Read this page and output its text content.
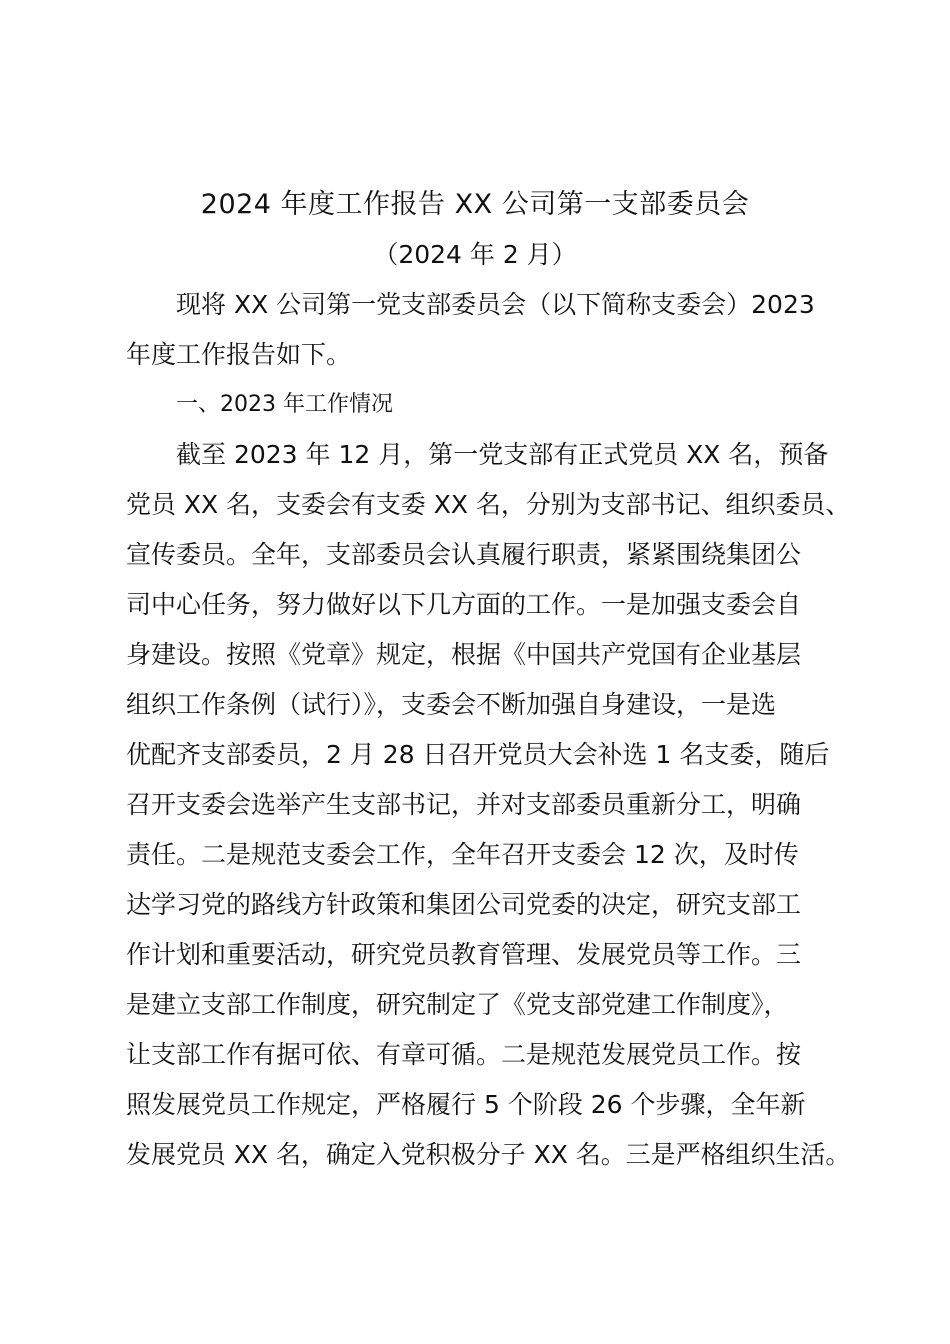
2024 年度工作报告 XX 公司第一支部委员会
（2024 年 2 月）
现将 XX 公司第一党支部委员会（以下简称支委会）2023
年度工作报告如下。
一、2023 年工作情况
截至 2023 年 12 月，第一党支部有正式党员 XX 名，预备
党员 XX 名，支委会有支委 XX 名，分别为支部书记、组织委员、
宣传委员。全年，支部委员会认真履行职责，紧紧围绕集团公
司中心任务，努力做好以下几方面的工作。一是加强支委会自
身建设。按照《党章》规定，根据《中国共产党国有企业基层
组织工作条例（试行）》，支委会不断加强自身建设，一是选
优配齐支部委员，2 月 28 日召开党员大会补选 1 名支委，随后
召开支委会选举产生支部书记，并对支部委员重新分工，明确
责任。二是规范支委会工作，全年召开支委会 12 次，及时传
达学习党的路线方针政策和集团公司党委的决定，研究支部工
作计划和重要活动，研究党员教育管理、发展党员等工作。三
是建立支部工作制度，研究制定了《党支部党建工作制度》，
让支部工作有据可依、有章可循。二是规范发展党员工作。按
照发展党员工作规定，严格履行 5 个阶段 26 个步骤，全年新
发展党员 XX 名，确定入党积极分子 XX 名。三是严格组织生活。
